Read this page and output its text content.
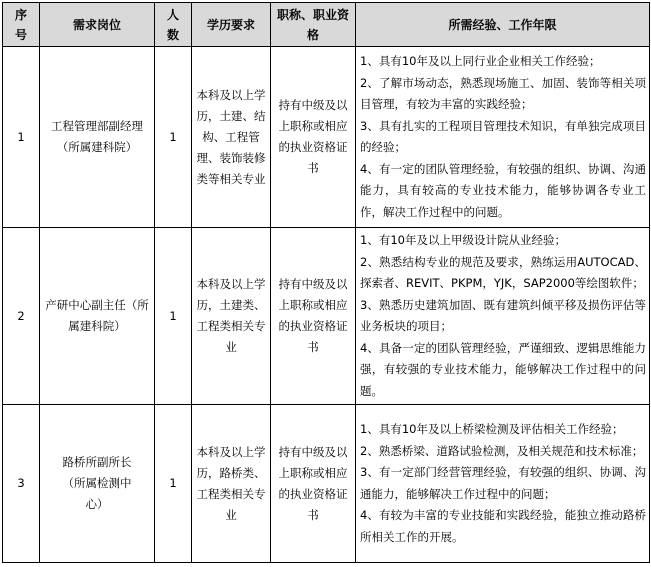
序号	需求岗位	人数	学历要求	职称、职业资格	所需经验、工作年限
1	工程管理部副经理（所属建科院）	1	本科及以上学历，土建、结构、工程管理、装饰装修类等相关专业	持有中级及以上职称或相应的执业资格证书	1、具有10年及以上同行业企业相关工作经验；
2、了解市场动态，熟悉现场施工、加固、装饰等相关项目管理，有较为丰富的实践经验；
3、具有扎实的工程项目管理技术知识，有单独完成项目的经验；
4、有一定的团队管理经验，有较强的组织、协调、沟通能力，具有较高的专业技术能力，能够协调各专业工作，解决工作过程中的问题。

2	产研中心副主任（所属建科院）	1	本科及以上学历，土建类、工程类相关专业	持有中级及以上职称或相应的执业资格证书	1、有10年及以上甲级设计院从业经验；
2、熟悉结构专业的规范及要求，熟练运用AUTOCAD、探索者、REVIT、PKPM，YJK，SAP2000等绘图软件；
3、熟悉历史建筑加固、既有建筑纠倾平移及损伤评估等业务板块的项目；
4、具备一定的团队管理经验，严谨细致、逻辑思维能力强，有较强的专业技术能力，能够解决工作过程中的问题。

3	路桥所副所长（所属检测中心）	1	本科及以上学历，路桥类、工程类相关专业	持有中级及以上职称或相应的执业资格证书	1、具有10年及以上桥梁检测及评估相关工作经验；
2、熟悉桥梁、道路试验检测，及相关规范和技术标准；
3、有一定部门经营管理经验，有较强的组织、协调、沟通能力，能够解决工作过程中的问题；
4、有较为丰富的专业技能和实践经验，能独立推动路桥所相关工作的开展。
